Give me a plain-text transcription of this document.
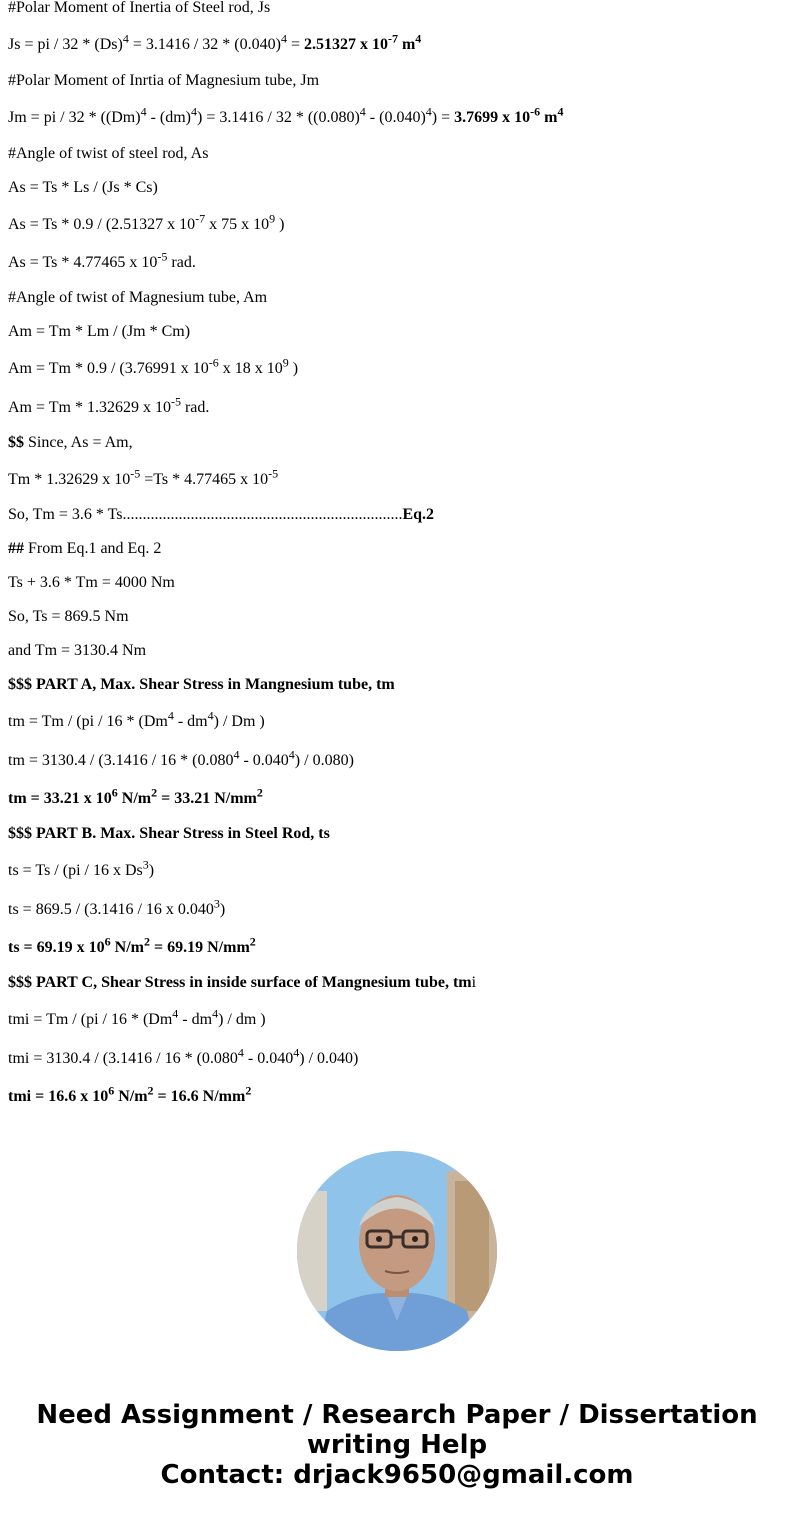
#Polar Moment of Inertia of Steel rod, Js

Js = pi / $32 * (Ds)^4 = 3.1416 / 32 * (0.040)^4 = 2.51327$ x $10^{-7}$ $m^4$

#Polar Moment of Inrtia of Magnesium tube, Jm

Jm = pi / $32 * ((Dm)^4 - (dm)^4) = 3.1416 / 32 * ((0.080)^4 - (0.040)^4) = 3.7699$ x $10^{-6}$ $m^4$

#Angle of twist of steel rod, As

As = Ts * Ls / (Js * Cs)

As = Ts * 0.9 / (2.51327 x $10^{-7}$ x 75 x $10^9$ )

As = Ts * 4.77465 x $10^{-5}$ rad.

#Angle of twist of Magnesium tube, Am

Am = Tm * Lm / (Jm * Cm)

Am = Tm * 0.9 / (3.76991 x $10^{-6}$ x 18 x $10^9$ )

Am = Tm * 1.32629 x $10^{-5}$ rad.

$$ Since, As = Am,

Tm * 1.32629 x $10^{-5} =Ts * 4.77465$ x $10^{-5}$

So, Tm = 3.6 * Ts......................................................................Eq.2

## From Eq.1 and Eq. 2

Ts + 3.6 * Tm = 4000 Nm

So, Ts = 869.5 Nm

and Tm = 3130.4 Nm

$$$ PART A, Max. Shear Stress in Mangnesium tube, tm

tm = Tm / ($pi / 16 * (Dm^4 - dm^4)$ / Dm )

tm = 3130.4 / (3.1416 / 16 * (0.080$^4$ - 0.040$^4$) / 0.080)

tm = 33.21 x $10^6$ $N/m^2 = 33.21$ $N/mm^2$

$$$ PART B. Max. Shear Stress in Steel Rod, ts

ts = Ts / (pi / 16 x Ds$^3$)

ts = 869.5 / (3.1416 / 16 x 0.040$^3$)

ts = 69.19 x $10^6$ $N/m^2 = 69.19$ $N/mm^2$

$$$ PART C, Shear Stress in inside surface of Mangnesium tube, tmi

tmi = Tm / ($pi / 16 * (Dm^4 - dm^4)$ / dm )

tmi = 3130.4 / (3.1416 / 16 * (0.080$^4$ - 0.040$^4$) / 0.040)

tmi = 16.6 x $10^6$ $N/m^2 = 16.6$ $N/mm^2$

Need Assignment / Research Paper / Dissertation
writing Help
Contact: drjack9650@gmail.com
